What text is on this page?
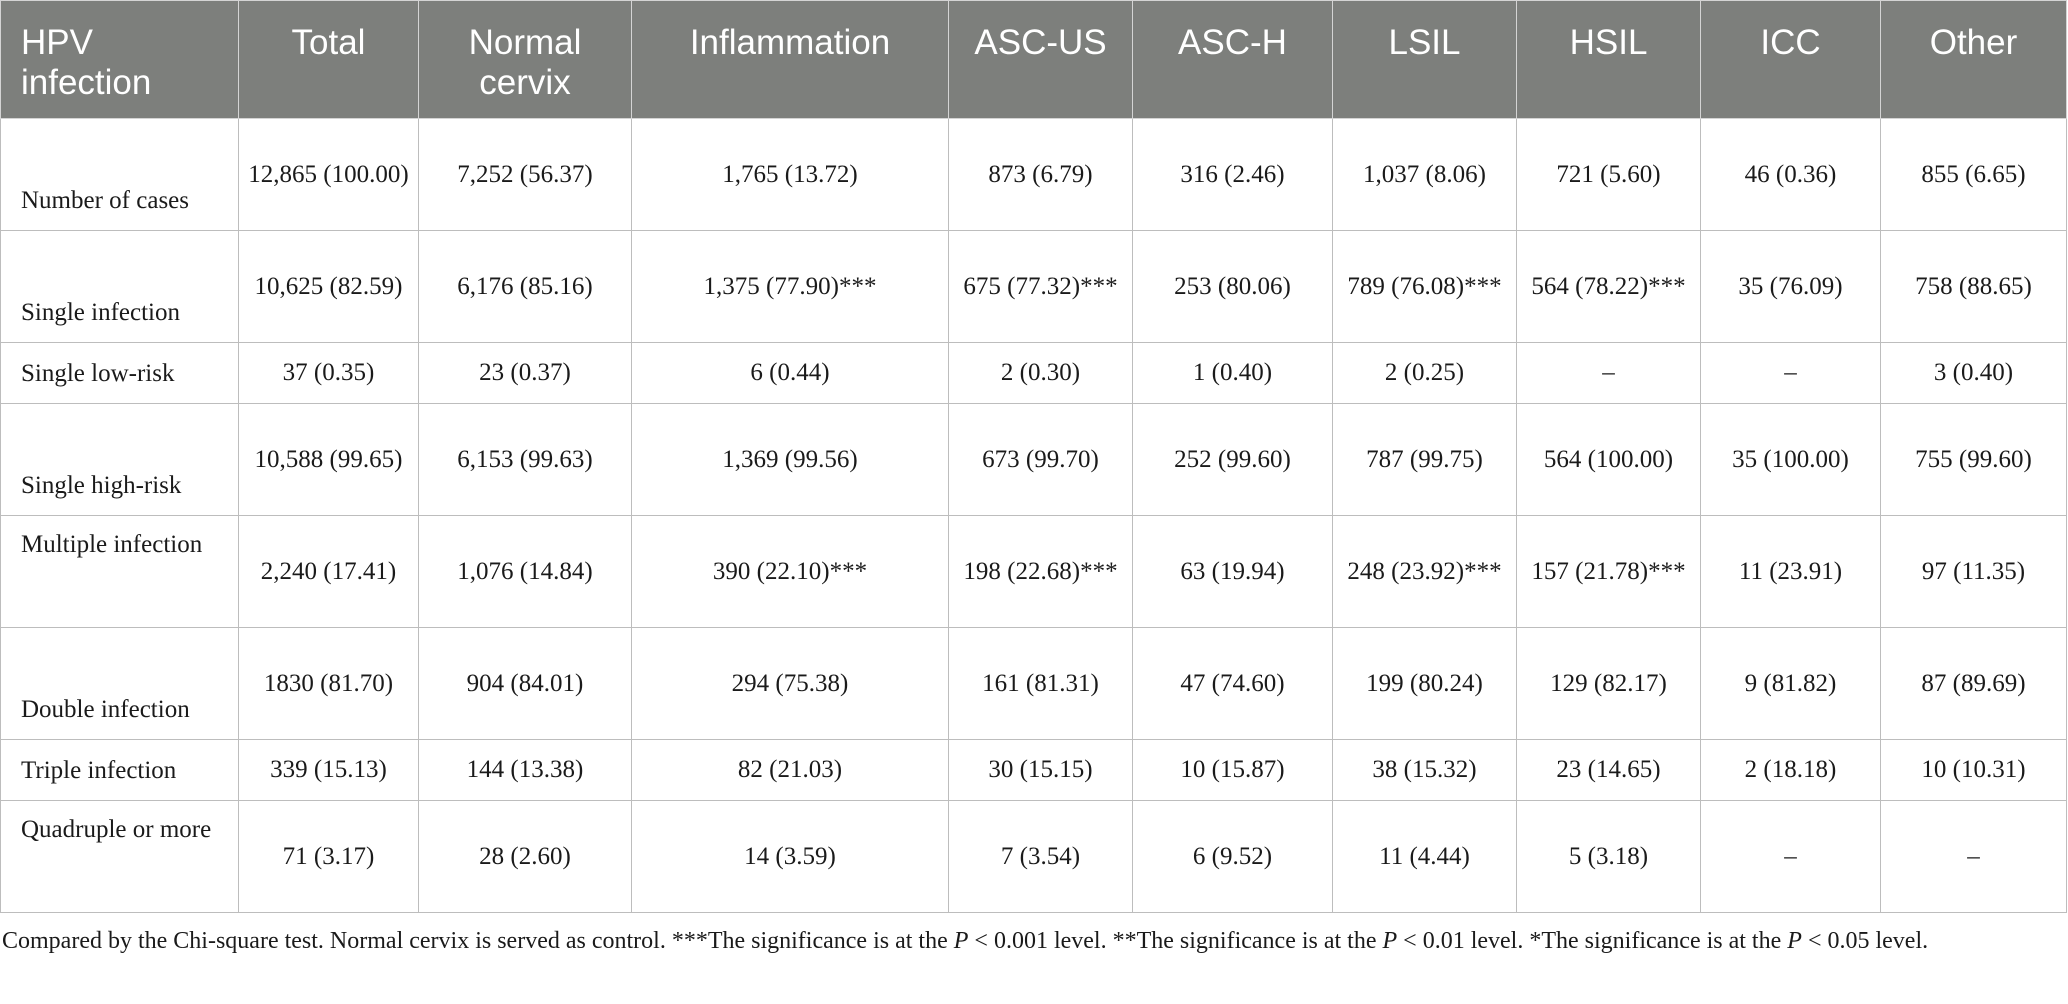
HPV infection	Total	Normal cervix	Inflammation	ASC-US	ASC-H	LSIL	HSIL	ICC	Other
Number of cases	12,865 (100.00)	7,252 (56.37)	1,765 (13.72)	873 (6.79)	316 (2.46)	1,037 (8.06)	721 (5.60)	46 (0.36)	855 (6.65)
Single infection	10,625 (82.59)	6,176 (85.16)	1,375 (77.90)***	675 (77.32)***	253 (80.06)	789 (76.08)***	564 (78.22)***	35 (76.09)	758 (88.65)
Single low-risk	37 (0.35)	23 (0.37)	6 (0.44)	2 (0.30)	1 (0.40)	2 (0.25)	–	–	3 (0.40)
Single high-risk	10,588 (99.65)	6,153 (99.63)	1,369 (99.56)	673 (99.70)	252 (99.60)	787 (99.75)	564 (100.00)	35 (100.00)	755 (99.60)
Multiple infection	2,240 (17.41)	1,076 (14.84)	390 (22.10)***	198 (22.68)***	63 (19.94)	248 (23.92)***	157 (21.78)***	11 (23.91)	97 (11.35)
Double infection	1830 (81.70)	904 (84.01)	294 (75.38)	161 (81.31)	47 (74.60)	199 (80.24)	129 (82.17)	9 (81.82)	87 (89.69)
Triple infection	339 (15.13)	144 (13.38)	82 (21.03)	30 (15.15)	10 (15.87)	38 (15.32)	23 (14.65)	2 (18.18)	10 (10.31)
Quadruple or more	71 (3.17)	28 (2.60)	14 (3.59)	7 (3.54)	6 (9.52)	11 (4.44)	5 (3.18)	–	–

Compared by the Chi-square test. Normal cervix is served as control. ***The significance is at the P < 0.001 level. **The significance is at the P < 0.01 level. *The significance is at the P < 0.05 level.
